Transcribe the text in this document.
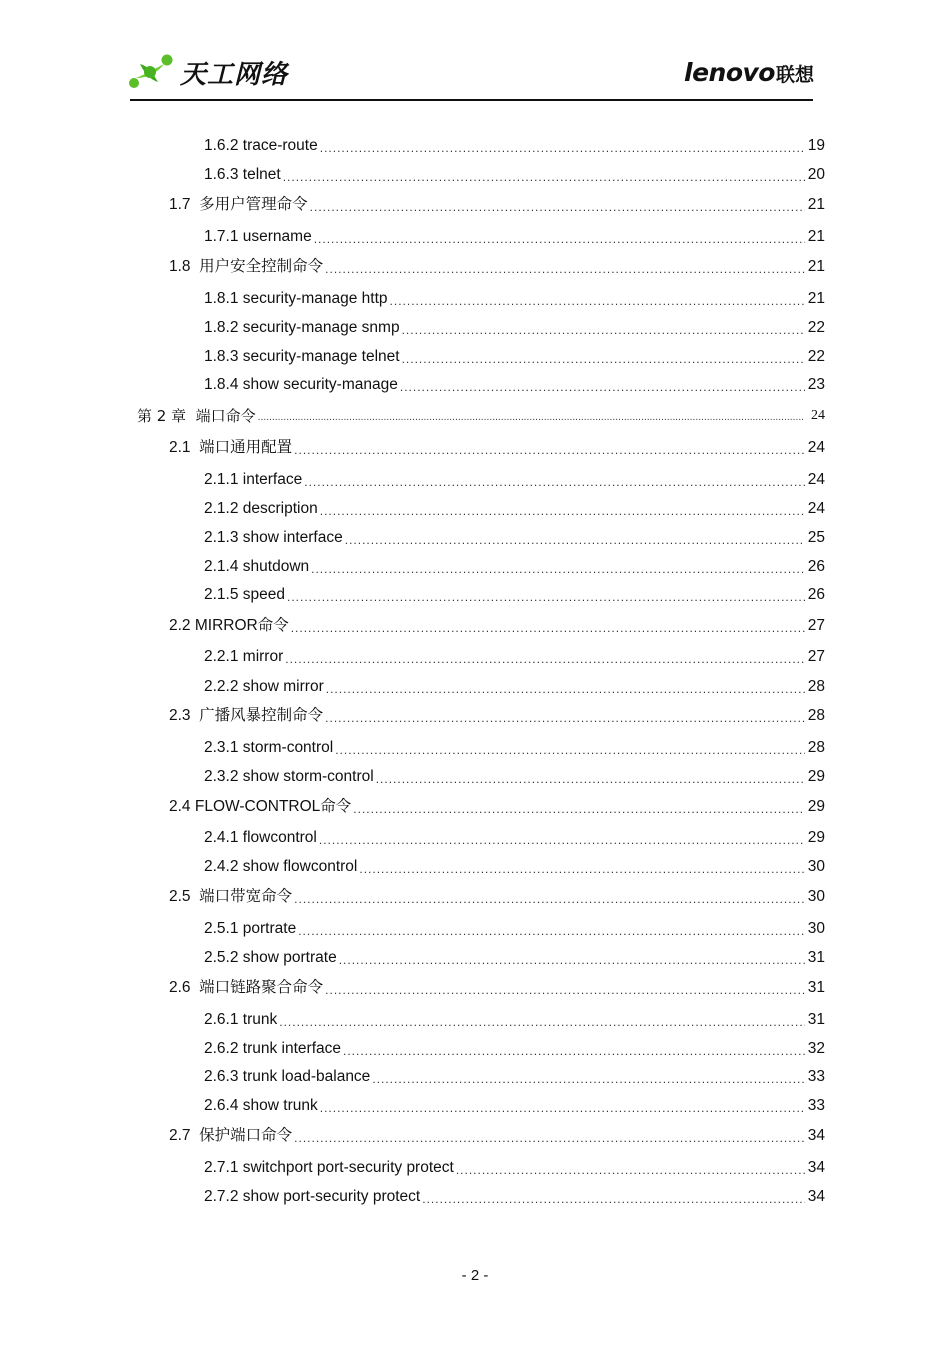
天工网络	lenovo 联想
1.6.2 trace-route .....	19
1.6.3 telnet .....	20
1.7  多用户管理命令 .....	21
1.7.1 username .....	21
1.8  用户安全控制命令 .....	21
1.8.1 security-manage http .....	21
1.8.2 security-manage snmp .....	22
1.8.3 security-manage telnet .....	22
1.8.4 show security-manage .....	23
第 2 章  端口命令 .....	24
2.1  端口通用配置 .....	24
2.1.1 interface .....	24
2.1.2 description .....	24
2.1.3 show interface .....	25
2.1.4 shutdown .....	26
2.1.5 speed .....	26
2.2 MIRROR命令 .....	27
2.2.1 mirror .....	27
2.2.2 show mirror .....	28
2.3  广播风暴控制命令 .....	28
2.3.1 storm-control .....	28
2.3.2 show storm-control .....	29
2.4 FLOW-CONTROL命令 .....	29
2.4.1 flowcontrol .....	29
2.4.2 show flowcontrol .....	30
2.5  端口带宽命令 .....	30
2.5.1 portrate .....	30
2.5.2 show portrate .....	31
2.6  端口链路聚合命令 .....	31
2.6.1 trunk .....	31
2.6.2 trunk interface .....	32
2.6.3 trunk load-balance .....	33
2.6.4 show trunk .....	33
2.7  保护端口命令 .....	34
2.7.1 switchport port-security protect .....	34
2.7.2 show port-security protect .....	34
- 2 -
